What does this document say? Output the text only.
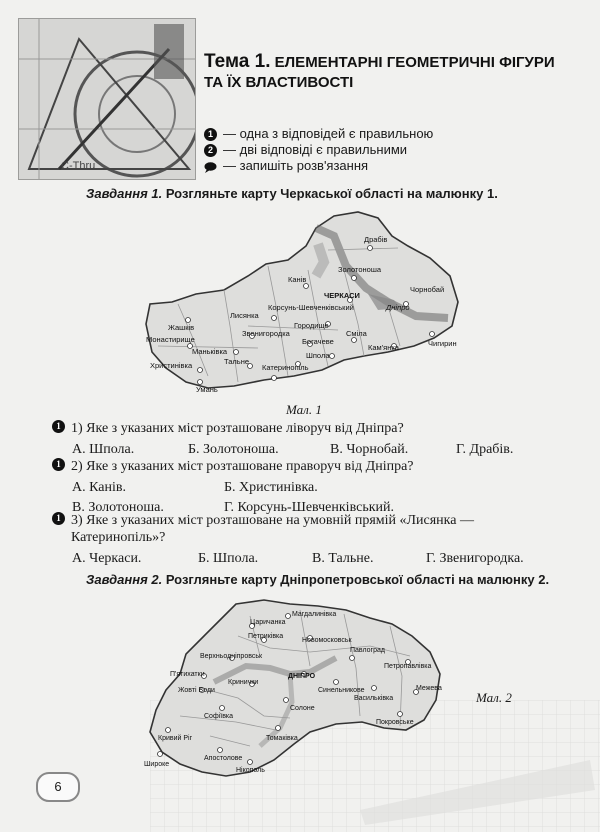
C-Thru
Тема 1. ЕЛЕМЕНТАРНІ ГЕОМЕТРИЧНІ ФІГУРИ ТА ЇХ ВЛАСТИВОСТІ
1 — одна з відповідей є правильною
2 — дві відповіді є правильними
— запишіть розв'язання
Завдання 1. Розгляньте карту Черкаської області на малюнку 1.
Драбів
Золотоноша
Канів
Чорнобай
ЧЕРКАСИ
Дніпро
Лисянка
Корсунь-Шевченківський
Жашків
Звенигородка
Городище
Монастирище
Маньківка
Богачеве
Сміла
Чигирин
Христинівка	Тальне
Шпола
Кам'янка
Катеринопіль
Умань
Мал. 1
1 1) Яке з указаних міст розташоване ліворуч від Дніпра?
А. Шпола.	Б. Золотоноша.	В. Чорнобай.	Г. Драбів.
1 2) Яке з указаних міст розташоване праворуч від Дніпра?
А. Канів.	Б. Христинівка.
В. Золотоноша.	Г. Корсунь-Шевченківський.
1 3) Яке з указаних міст розташоване на умовній прямій «Лисянка — Катеринопіль»?
А. Черкаси.	Б. Шпола.	В. Тальне.	Г. Звенигородка.
Завдання 2. Розгляньте карту Дніпропетровської області на малюнку 2.
Магдалинівка
Царичанка
Петриківка
Новомосковськ
Павлоград
Верхньодніпровськ
П'ятихатки
Жовті Води
Кринички
ДНІПРО
Петропавлівка
Синельникове
Васильківка
Межева
Софіївка
Солоне
Покровське
Кривий Ріг	Томаківка
Апостолове
Широке
Нікополь
Мал. 2
6
